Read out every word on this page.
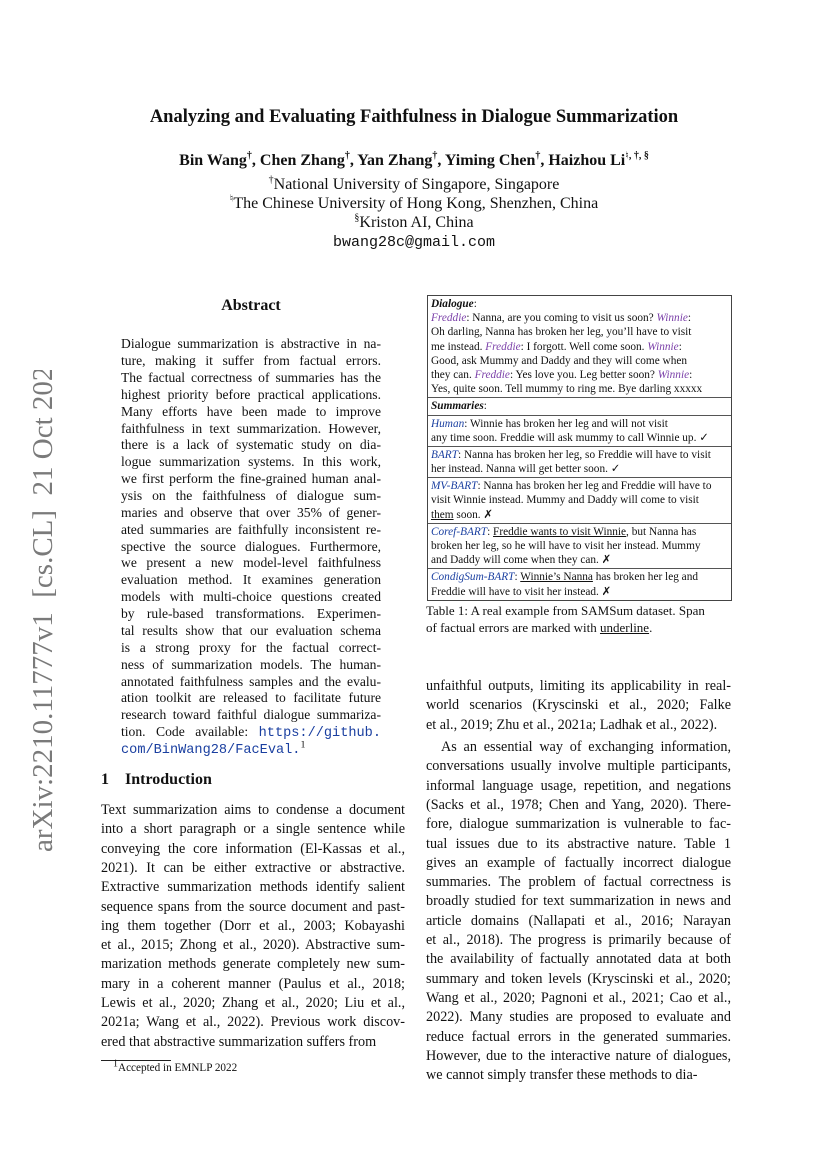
arXiv:2210.11777v1  [cs.CL]  21 Oct 2022
Analyzing and Evaluating Faithfulness in Dialogue Summarization
Bin Wang†, Chen Zhang†, Yan Zhang†, Yiming Chen†, Haizhou Li♮, †, §
†National University of Singapore, Singapore
♮The Chinese University of Hong Kong, Shenzhen, China
§Kriston AI, China
bwang28c@gmail.com
Abstract
Dialogue summarization is abstractive in na-
ture, making it suffer from factual errors.
The factual correctness of summaries has the
highest priority before practical applications.
Many efforts have been made to improve
faithfulness in text summarization. However,
there is a lack of systematic study on dia-
logue summarization systems. In this work,
we first perform the fine-grained human anal-
ysis on the faithfulness of dialogue sum-
maries and observe that over 35% of gener-
ated summaries are faithfully inconsistent re-
spective the source dialogues. Furthermore,
we present a new model-level faithfulness
evaluation method. It examines generation
models with multi-choice questions created
by rule-based transformations. Experimen-
tal results show that our evaluation schema
is a strong proxy for the factual correct-
ness of summarization models. The human-
annotated faithfulness samples and the evalu-
ation toolkit are released to facilitate future
research toward faithful dialogue summariza-
tion. Code available: https://github.
com/BinWang28/FacEval.$^1$
1 Introduction
Text summarization aims to condense a document
into a short paragraph or a single sentence while
conveying the core information (El-Kassas et al.,
2021). It can be either extractive or abstractive.
Extractive summarization methods identify salient
sequence spans from the source document and past-
ing them together (Dorr et al., 2003; Kobayashi
et al., 2015; Zhong et al., 2020). Abstractive sum-
marization methods generate completely new sum-
mary in a coherent manner (Paulus et al., 2018;
Lewis et al., 2020; Zhang et al., 2020; Liu et al.,
2021a; Wang et al., 2022). Previous work discov-
ered that abstractive summarization suffers from
$^1$Accepted in EMNLP 2022
Dialogue:
Freddie: Nanna, are you coming to visit us soon? Winnie:
Oh darling, Nanna has broken her leg, you’ll have to visit
me instead. Freddie: I forgott. Well come soon. Winnie:
Good, ask Mummy and Daddy and they will come when
they can. Freddie: Yes love you. Leg better soon? Winnie:
Yes, quite soon. Tell mummy to ring me. Bye darling xxxxx
Summaries:
Human: Winnie has broken her leg and will not visit
any time soon. Freddie will ask mummy to call Winnie up. ✓
BART: Nanna has broken her leg, so Freddie will have to visit
her instead. Nanna will get better soon. ✓
MV-BART: Nanna has broken her leg and Freddie will have to
visit Winnie instead. Mummy and Daddy will come to visit
them soon. ✗
Coref-BART: Freddie wants to visit Winnie, but Nanna has
broken her leg, so he will have to visit her instead. Mummy
and Daddy will come when they can. ✗
CondigSum-BART: Winnie’s Nanna has broken her leg and
Freddie will have to visit her instead. ✗
Table 1: A real example from SAMSum dataset. Span
of factual errors are marked with underline.
unfaithful outputs, limiting its applicability in real-
world scenarios (Kryscinski et al., 2020; Falke
et al., 2019; Zhu et al., 2021a; Ladhak et al., 2022).
As an essential way of exchanging information,
conversations usually involve multiple participants,
informal language usage, repetition, and negations
(Sacks et al., 1978; Chen and Yang, 2020). There-
fore, dialogue summarization is vulnerable to fac-
tual issues due to its abstractive nature. Table 1
gives an example of factually incorrect dialogue
summaries. The problem of factual correctness is
broadly studied for text summarization in news and
article domains (Nallapati et al., 2016; Narayan
et al., 2018). The progress is primarily because of
the availability of factually annotated data at both
summary and token levels (Kryscinski et al., 2020;
Wang et al., 2020; Pagnoni et al., 2021; Cao et al.,
2022). Many studies are proposed to evaluate and
reduce factual errors in the generated summaries.
However, due to the interactive nature of dialogues,
we cannot simply transfer these methods to dia-
